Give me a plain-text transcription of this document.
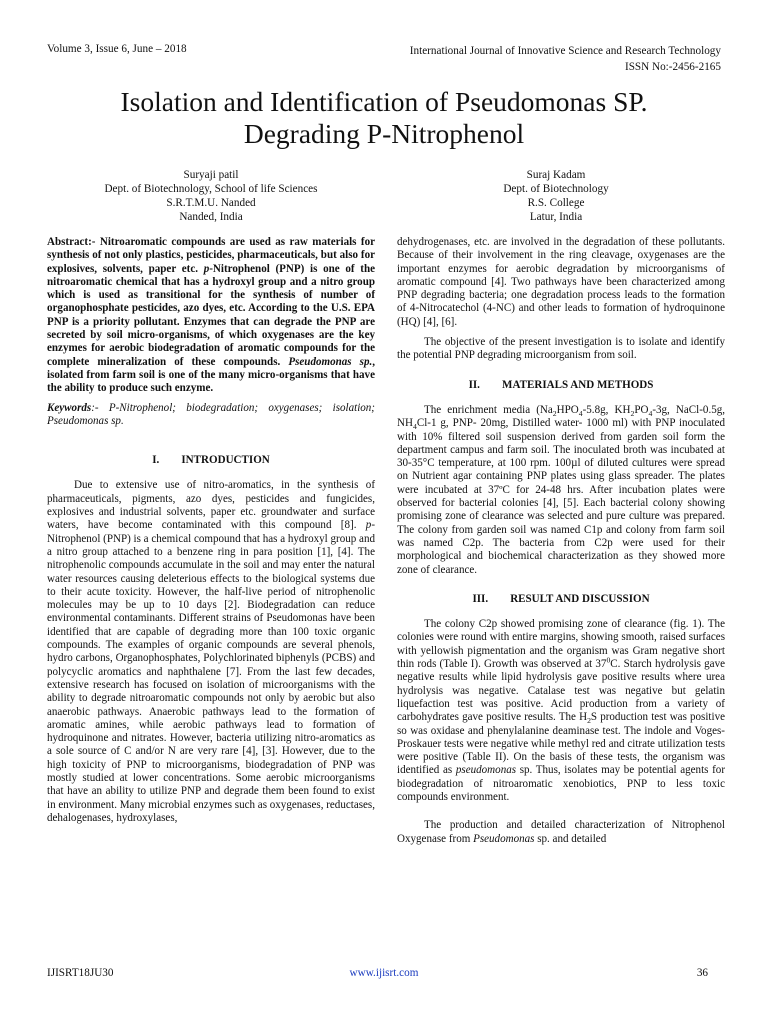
Volume 3, Issue 6, June – 2018	International Journal of Innovative Science and Research Technology
ISSN No:-2456-2165
Isolation and Identification of Pseudomonas SP.
Degrading P-Nitrophenol
Suryaji patil
Dept. of Biotechnology, School of life Sciences
S.R.T.M.U. Nanded
Nanded, India
Suraj Kadam
Dept. of Biotechnology
R.S. College
Latur, India

Abstract:- Nitroaromatic compounds are used as raw materials for synthesis of not only plastics, pesticides, pharmaceuticals, but also for explosives, solvents, paper etc. p-Nitrophenol (PNP) is one of the nitroaromatic chemical that has a hydroxyl group and a nitro group which is used as transitional for the synthesis of number of organophosphate pesticides, azo dyes, etc. According to the U.S. EPA PNP is a priority pollutant. Enzymes that can degrade the PNP are secreted by soil micro-organisms, of which oxygenases are the key enzymes for aerobic biodegradation of aromatic compounds for the complete mineralization of these compounds. Pseudomonas sp., isolated from farm soil is one of the many micro-organisms that have the ability to produce such enzyme.

Keywords:- P-Nitrophenol; biodegradation; oxygenases; isolation; Pseudomonas sp.

I.  INTRODUCTION

Due to extensive use of nitro-aromatics, in the synthesis of pharmaceuticals, pigments, azo dyes, pesticides and fungicides, explosives and industrial solvents, paper etc. groundwater and surface waters, have become contaminated with this compound [8]. p-Nitrophenol (PNP) is a chemical compound that has a hydroxyl group and a nitro group attached to a benzene ring in para position [1], [4]. The nitrophenolic compounds accumulate in the soil and may enter the natural water resources causing deleterious effects to the biological systems due to their acute toxicity. However, the half-live period of nitrophenolic molecules may be up to 10 days [2]. Biodegradation can reduce environmental contaminants. Different strains of Pseudomonas have been identified that are capable of degrading more than 100 toxic organic compounds. The examples of organic compounds are several phenols, hydro carbons, Organophosphates, Polychlorinated biphenyls (PCBS) and polycyclic aromatics and naphthalene [7]. From the last few decades, extensive research has focused on isolation of microorganisms with the ability to degrade nitroaromatic compounds not only by aerobic but also anaerobic pathways. Anaerobic pathways lead to the formation of aromatic amines, while aerobic pathways lead to formation of hydroquinone and nitrates. However, bacteria utilizing nitro-aromatics as a sole source of C and/or N are very rare [4], [3]. However, due to the high toxicity of PNP to microorganisms, biodegradation of PNP was mostly studied at lower concentrations. Some aerobic microorganisms that have an ability to utilize PNP and degrade them been found to exist in environment. Many microbial enzymes such as oxygenases, reductases, dehalogenases, hydroxylases,

dehydrogenases, etc. are involved in the degradation of these pollutants. Because of their involvement in the ring cleavage, oxygenases are the important enzymes for aerobic degradation by microorganisms of aromatic compound [4]. Two pathways have been characterized among PNP degrading bacteria; one degradation process leads to the formation of 4-Nitrocatechol (4-NC) and other leads to formation of hydroquinone (HQ) [4], [6].

The objective of the present investigation is to isolate and identify the potential PNP degrading microorganism from soil.

II.  MATERIALS AND METHODS

The enrichment media ($Na_2HPO_4-5.8g$, $KH_2PO_4-3g$, NaCl-0.5g, $NH_4Cl-1$ g, PNP- 20mg, Distilled water- 1000 ml) with PNP inoculated with 10% filtered soil suspension derived from garden soil form the department campus and farm soil. The inoculated broth was incubated at 30-35°C temperature, at 100 rpm. 100µl of diluted cultures were spread on Nutrient agar containing PNP plates using glass spreader. The plates were incubated at 37ºC for 24-48 hrs. After incubation plates were observed for bacterial colonies [4], [5]. Each bacterial colony showing promising zone of clearance was selected and pure culture was prepared. The colony from garden soil was named C1p and colony from farm soil was named C2p. The bacteria from C2p were used for their morphological and biochemical characterization as they showed more zone of clearance.

III.  RESULT AND DISCUSSION

The colony C2p showed promising zone of clearance (fig. 1). The colonies were round with entire margins, showing smooth, raised surfaces with yellowish pigmentation and the organism was Gram negative short thin rods (Table I). Growth was observed at $37^0C$. Starch hydrolysis gave negative results while lipid hydrolysis gave positive results where urea hydrolysis was negative. Catalase test was negative but gelatin liquefaction test was positive. Acid production from a variety of carbohydrates gave positive results. The $H_2S$ production test was positive so was oxidase and phenylalanine deaminase test. The indole and Voges- Proskauer tests were negative while methyl red and citrate utilization tests were positive (Table II). On the basis of these tests, the organism was identified as pseudomonas sp. Thus, isolates may be potential agents for biodegradation of nitroaromatic xenobiotics, PNP to less toxic compounds environment.

The production and detailed characterization of Nitrophenol Oxygenase from Pseudomonas sp. and detailed

IJISRT18JU30	www.ijisrt.com	36
